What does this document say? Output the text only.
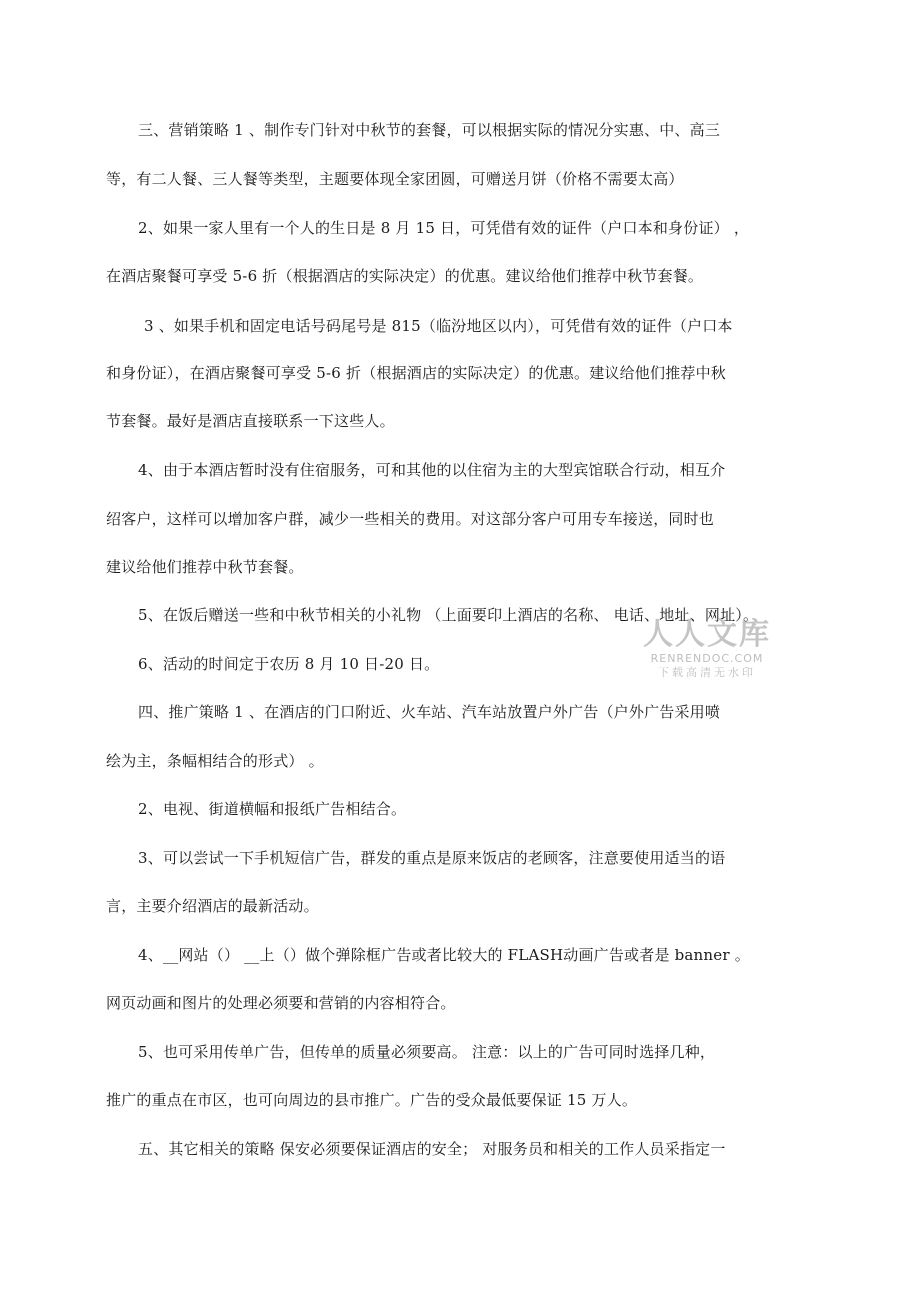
三、营销策略 1 、制作专门针对中秋节的套餐，可以根据实际的情况分实惠、中、高三
等，有二人餐、三人餐等类型，主题要体现全家团圆，可赠送月饼（价格不需要太高）
2、如果一家人里有一个人的生日是 8 月 15 日，可凭借有效的证件（户口本和身份证） ，
在酒店聚餐可享受 5-6 折（根据酒店的实际决定）的优惠。建议给他们推荐中秋节套餐。
3 、如果手机和固定电话号码尾号是 815（临汾地区以内），可凭借有效的证件（户口本
和身份证），在酒店聚餐可享受 5-6 折（根据酒店的实际决定）的优惠。建议给他们推荐中秋
节套餐。最好是酒店直接联系一下这些人。
4、由于本酒店暂时没有住宿服务，可和其他的以住宿为主的大型宾馆联合行动，相互介
绍客户，这样可以增加客户群，减少一些相关的费用。对这部分客户可用专车接送，同时也
建议给他们推荐中秋节套餐。
5、在饭后赠送一些和中秋节相关的小礼物 （上面要印上酒店的名称、 电话、地址、网址）。
6、活动的时间定于农历 8 月 10 日-20 日。
四、推广策略 1 、在酒店的门口附近、火车站、汽车站放置户外广告（户外广告采用喷
绘为主，条幅相结合的形式） 。
2、电视、街道横幅和报纸广告相结合。
3、可以尝试一下手机短信广告，群发的重点是原来饭店的老顾客，注意要使用适当的语
言，主要介绍酒店的最新活动。
4、__网站（） __上（）做个弹除框广告或者比较大的 FLASH动画广告或者是 banner 。
网页动画和图片的处理必须要和营销的内容相符合。
5、也可采用传单广告，但传单的质量必须要高。 注意：以上的广告可同时选择几种，
推广的重点在市区，也可向周边的县市推广。广告的受众最低要保证 15 万人。
五、其它相关的策略 保安必须要保证酒店的安全； 对服务员和相关的工作人员采指定一
人人文库
RENRENDOC.COM
下载高清无水印
